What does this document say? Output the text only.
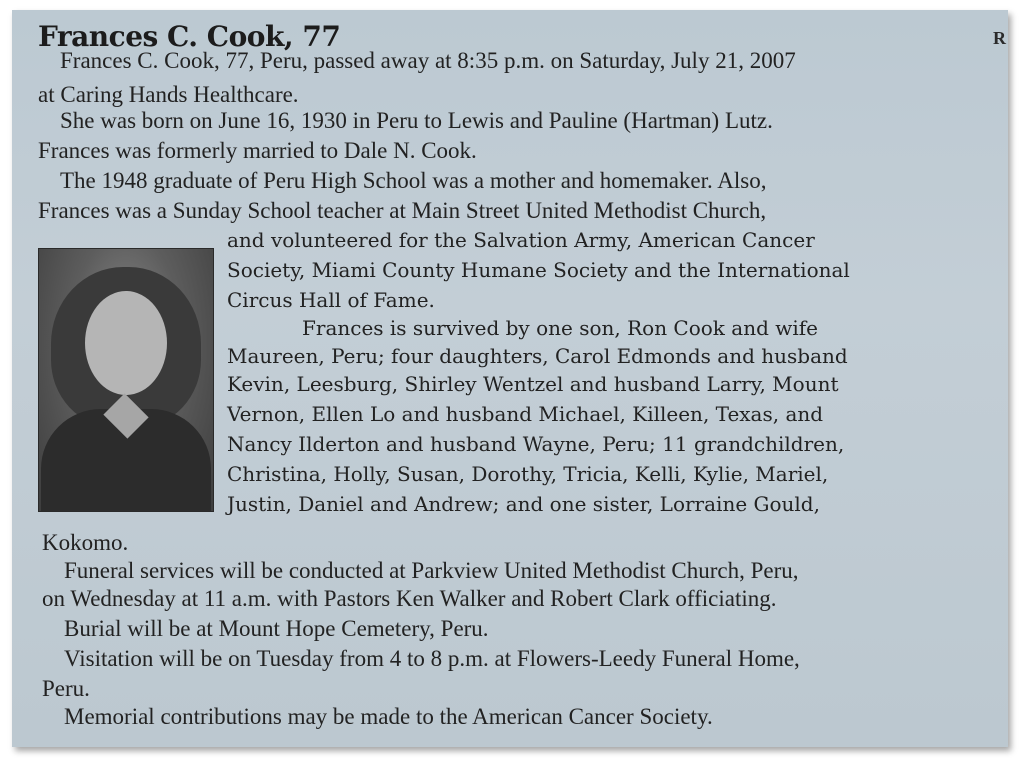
R
Frances C. Cook, 77
Frances C. Cook, 77, Peru, passed away at 8:35 p.m. on Saturday, July 21, 2007
at Caring Hands Healthcare.
She was born on June 16, 1930 in Peru to Lewis and Pauline (Hartman) Lutz.
Frances was formerly married to Dale N. Cook.
The 1948 graduate of Peru High School was a mother and homemaker. Also,
Frances was a Sunday School teacher at Main Street United Methodist Church,
and volunteered for the Salvation Army, American Cancer
Society, Miami County Humane Society and the International
Circus Hall of Fame.
Frances is survived by one son, Ron Cook and wife
Maureen, Peru; four daughters, Carol Edmonds and husband
Kevin, Leesburg, Shirley Wentzel and husband Larry, Mount
Vernon, Ellen Lo and husband Michael, Killeen, Texas, and
Nancy Ilderton and husband Wayne, Peru; 11 grandchildren,
Christina, Holly, Susan, Dorothy, Tricia, Kelli, Kylie, Mariel,
Justin, Daniel and Andrew; and one sister, Lorraine Gould,
Kokomo.
Funeral services will be conducted at Parkview United Methodist Church, Peru,
on Wednesday at 11 a.m. with Pastors Ken Walker and Robert Clark officiating.
Burial will be at Mount Hope Cemetery, Peru.
Visitation will be on Tuesday from 4 to 8 p.m. at Flowers-Leedy Funeral Home,
Peru.
Memorial contributions may be made to the American Cancer Society.
